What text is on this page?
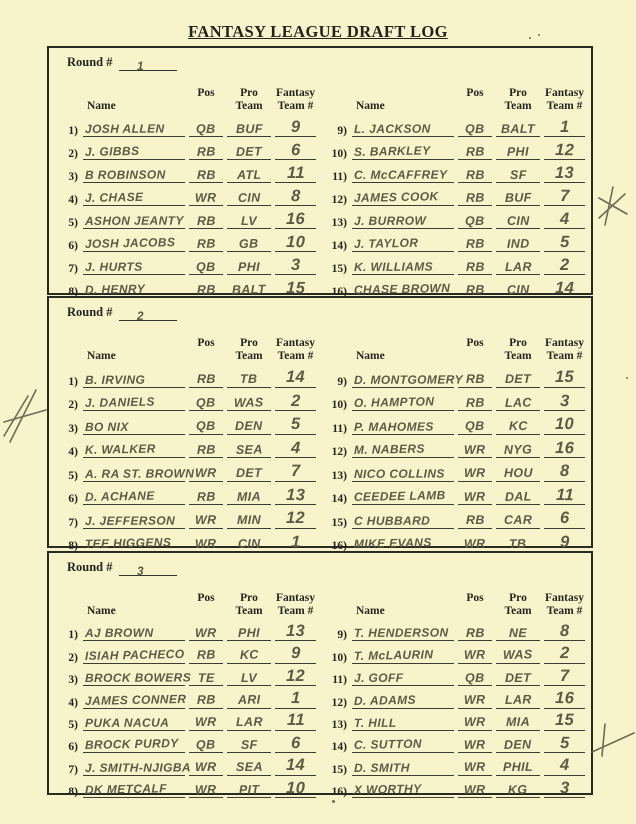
FANTASY LEAGUE DRAFT LOG
Round # 1
Name
Pos Pro
Team
Fantasy
Team #
1) JOSH ALLEN	QB BUF 9
2) J. GIBBS	RB DET 6
3) B ROBINSON RB ATL 11
4) J. CHASE	WR CIN 8
5) ASHON JEANTY RB LV 16
6) JOSH JACOBS RB GB 10
7) J. HURTS	QB PHI 3
8) D. HENRY	RB BALT 15
Name
Pos Pro
Team
Fantasy
Team #
9) L. JACKSON	QB BALT 1
10) S. BARKLEY	RB PHI 12
11) C. McCAFFREY RB SF 13
12) JAMES COOK RB BUF 7
13) J. BURROW	QB CIN 4
14) J. TAYLOR	RB IND 5
15) K. WILLIAMS	RB LAR 2
16) CHASE BROWN RB CIN 14
Round # 2
Name
Pos Pro
Team
Fantasy
Team #
1) B. IRVING	RB TB 14
2) J. DANIELS	QB WAS 2
3) BO NIX	QB DEN 5
4) K. WALKER	RB SEA 4
5) A. RA ST. BROWN WR DET 7
6) D. ACHANE	RB MIA 13
7) J. JEFFERSON WR MIN 12
8) TEE HIGGENS WR CIN 1
Name
Pos Pro
Team
Fantasy
Team #
9) D. MONTGOMERY RB DET 15
10) O. HAMPTON RB LAC 3
11) P. MAHOMES	QB KC 10
12) M. NABERS	WR NYG 16
13) NICO COLLINS WR HOU 8
14) CEEDEE LAMB WR DAL 11
15) C HUBBARD	RB CAR 6
16) MIKE EVANS	WR TB 9
Round # 3
Name
Pos Pro
Team
Fantasy
Team #
1) AJ BROWN	WR PHI 13
2) ISIAH PACHECO RB KC 9
3) BROCK BOWERS TE LV 12
4) JAMES CONNER RB ARI 1
5) PUKA NACUA WR LAR 11
6) BROCK PURDY QB SF 6
7) J. SMITH-NJIGBA WR SEA 14
8) DK METCALF WR PIT 10
Name
Pos Pro
Team
Fantasy
Team #
9) T. HENDERSON RB NE 8
10) T. McLAURIN WR WAS 2
11) J. GOFF	QB DET 7
12) D. ADAMS	WR LAR 16
13) T. HILL	WR MIA 15
14) C. SUTTON	WR DEN 5
15) D. SMITH	WR PHIL 4
16) X WORTHY	WR KG 3
